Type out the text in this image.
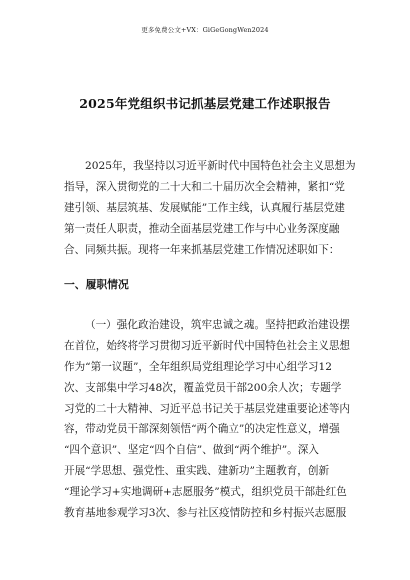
更多免费公文+VX：GiGeGongWen2024
2025年党组织书记抓基层党建工作述职报告
2025年，我坚持以习近平新时代中国特色社会主义思想为
指导，深入贯彻党的二十大和二十届历次全会精神，紧扣“党
建引领、基层筑基、发展赋能”工作主线，认真履行基层党建
第一责任人职责，推动全面基层党建工作与中心业务深度融
合、同频共振。现将一年来抓基层党建工作情况述职如下：
一、履职情况
（一）强化政治建设，筑牢忠诚之魂。坚持把政治建设摆
在首位，始终将学习贯彻习近平新时代中国特色社会主义思想
作为“第一议题”，全年组织局党组理论学习中心组学习12
次、支部集中学习48次，覆盖党员干部200余人次；专题学
习党的二十大精神、习近平总书记关于基层党建重要论述等内
容，带动党员干部深刻领悟“两个确立”的决定性意义，增强
“四个意识”、坚定“四个自信”、做到“两个维护”。深入
开展“学思想、强党性、重实践、建新功”主题教育，创新
“理论学习+实地调研+志愿服务”模式，组织党员干部赴红色
教育基地参观学习3次、参与社区疫情防控和乡村振兴志愿服
